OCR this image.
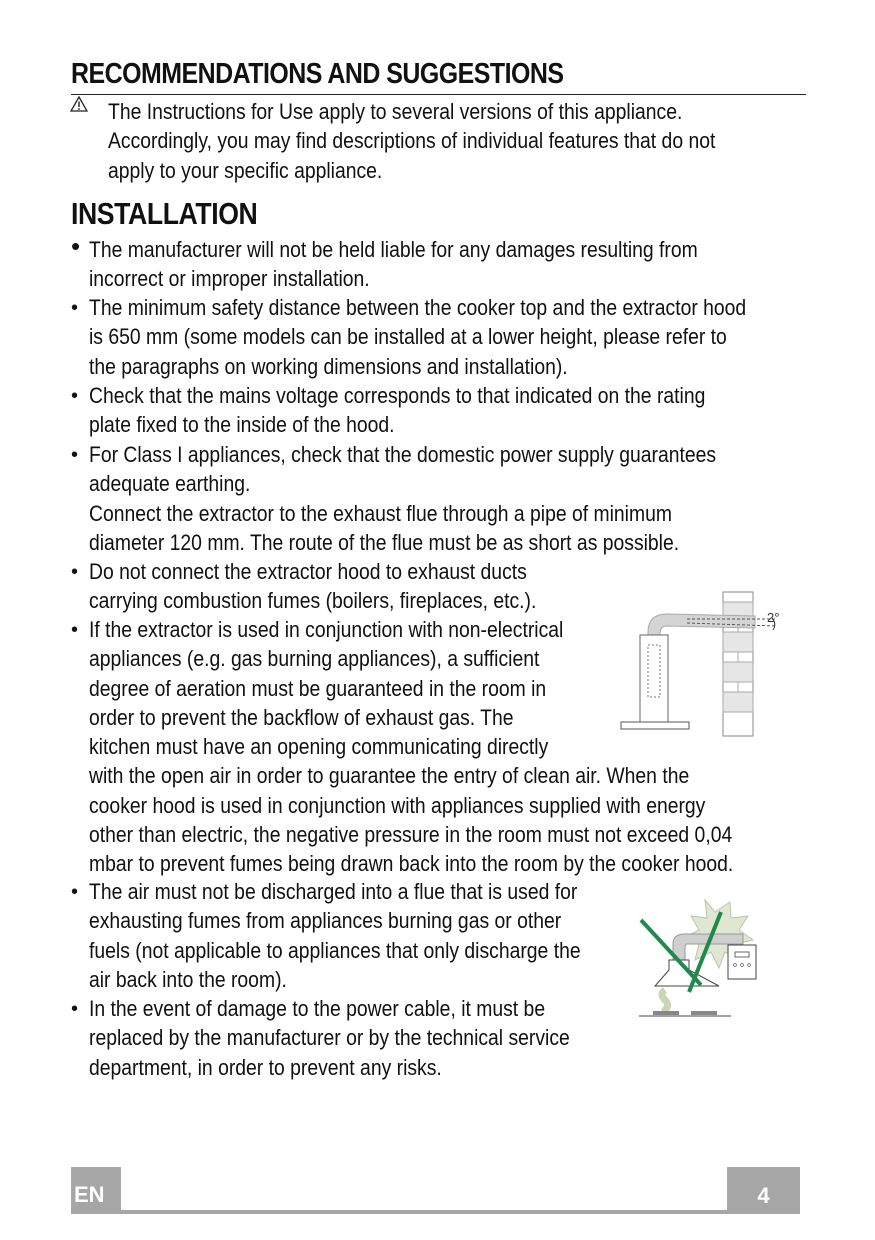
RECOMMENDATIONS AND SUGGESTIONS
The Instructions for Use apply to several versions of this appliance.
Accordingly, you may find descriptions of individual features that do not
apply to your specific appliance.
INSTALLATION
• The manufacturer will not be held liable for any damages resulting from
incorrect or improper installation.
• The minimum safety distance between the cooker top and the extractor hood
is 650 mm (some models can be installed at a lower height, please refer to
the paragraphs on working dimensions and installation).
• Check that the mains voltage corresponds to that indicated on the rating
plate fixed to the inside of the hood.
• For Class I appliances, check that the domestic power supply guarantees
adequate earthing.
Connect the extractor to the exhaust flue through a pipe of minimum
diameter 120 mm. The route of the flue must be as short as possible.
• Do not connect the extractor hood to exhaust ducts
carrying combustion fumes (boilers, fireplaces, etc.).
• If the extractor is used in conjunction with non-electrical
appliances (e.g. gas burning appliances), a sufficient
degree of aeration must be guaranteed in the room in
order to prevent the backflow of exhaust gas. The
kitchen must have an opening communicating directly
with the open air in order to guarantee the entry of clean air. When the
cooker hood is used in conjunction with appliances supplied with energy
other than electric, the negative pressure in the room must not exceed 0,04
mbar to prevent fumes being drawn back into the room by the cooker hood.
• The air must not be discharged into a flue that is used for
exhausting fumes from appliances burning gas or other
fuels (not applicable to appliances that only discharge the
air back into the room).
• In the event of damage to the power cable, it must be
replaced by the manufacturer or by the technical service
department, in order to prevent any risks.
2°
EN	4
